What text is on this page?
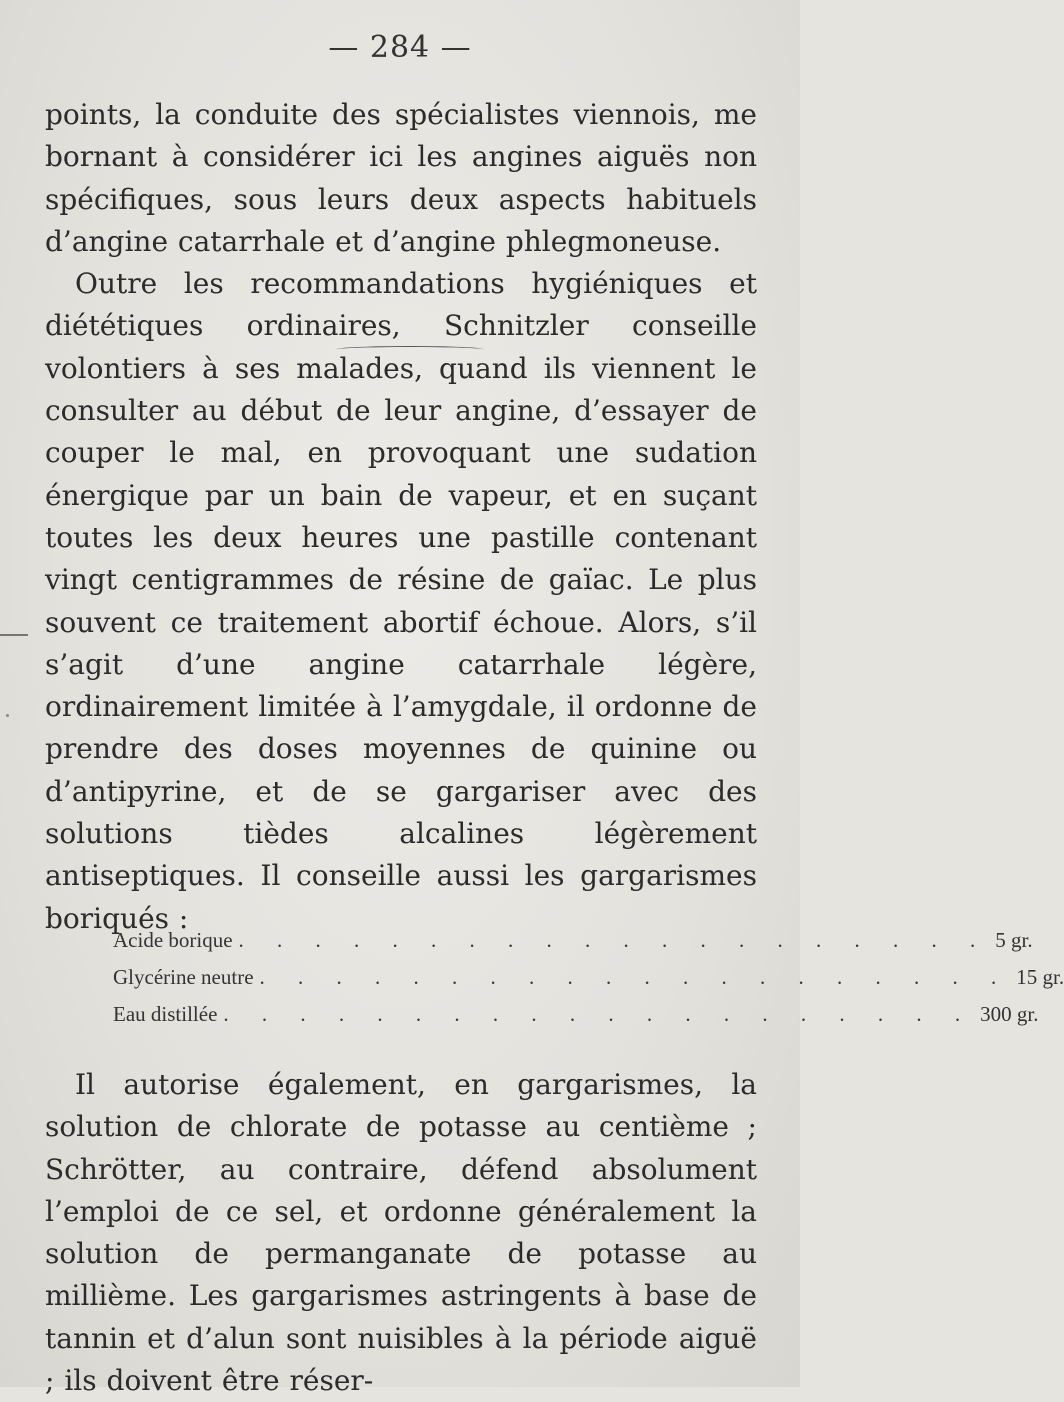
— 284 —

points, la conduite des spécialistes viennois, me bornant à considérer ici les angines aiguës non spécifiques, sous leurs deux aspects habituels d’angine catarrhale et d’angine phlegmoneuse.

Outre les recommandations hygiéniques et diététiques ordinaires, Schnitzler conseille volontiers à ses malades, quand ils viennent le consulter au début de leur angine, d’essayer de couper le mal, en provoquant une sudation énergique par un bain de vapeur, et en suçant toutes les deux heures une pastille contenant vingt centigrammes de résine de gaïac. Le plus souvent ce traitement abortif échoue. Alors, s’il s’agit d’une angine catarrhale légère, ordinairement limitée à l’amygdale, il ordonne de prendre des doses moyennes de quinine ou d’antipyrine, et de se gargariser avec des solutions tièdes alcalines légèrement antiseptiques. Il conseille aussi les gargarismes boriqués :

Acide borique . . . . . . . . . . . . . . . . . . . . 5 gr.
Glycérine neutre . . . . . . . . . . . . . . . . . . . . 15 gr.
Eau distillée . . . . . . . . . . . . . . . . . . . . 300 gr.

Il autorise également, en gargarismes, la solution de chlorate de potasse au centième ; Schrötter, au contraire, défend absolument l’emploi de ce sel, et ordonne généralement la solution de permanganate de potasse au millième. Les gargarismes astringents à base de tannin et d’alun sont nuisibles à la période aiguë ; ils doivent être réser-
